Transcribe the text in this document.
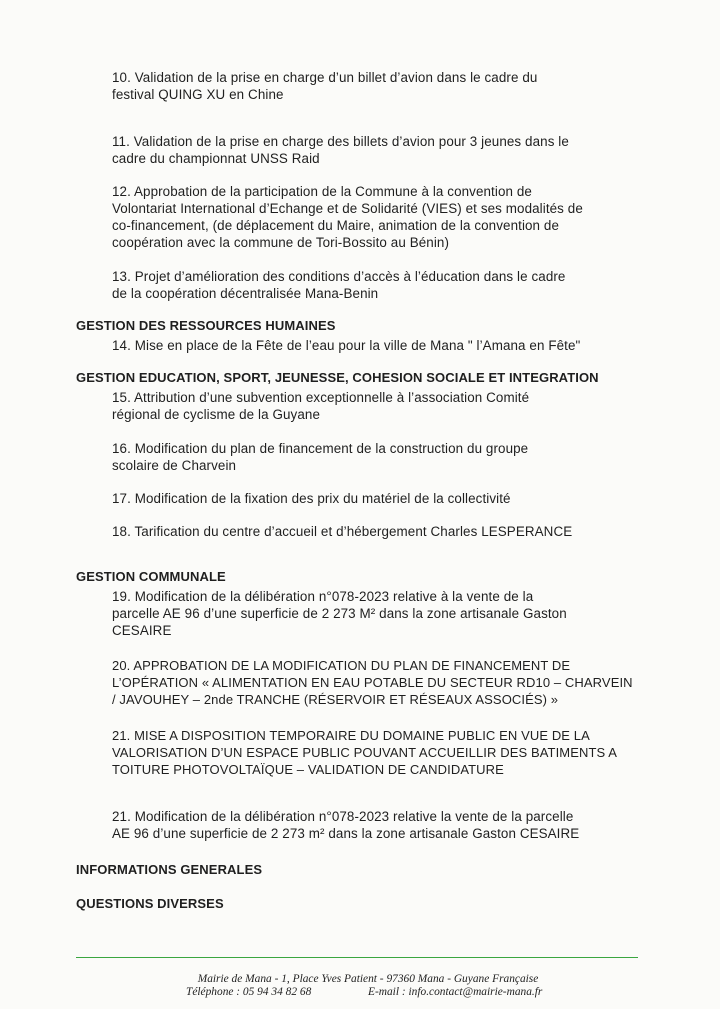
10. Validation de la prise en charge d’un billet d’avion dans le cadre du
festival QUING XU en Chine
11. Validation de la prise en charge des billets d’avion pour 3 jeunes dans le
cadre du championnat UNSS Raid
12. Approbation de la participation de la Commune à la convention de
Volontariat International d’Echange et de Solidarité (VIES) et ses modalités de
co-financement, (de déplacement du Maire, animation de la convention de
coopération avec la commune de Tori-Bossito au Bénin)
13. Projet d’amélioration des conditions d’accès à l’éducation dans le cadre
de la coopération décentralisée Mana-Benin
GESTION DES RESSOURCES HUMAINES
14. Mise en place de la Fête de l’eau pour la ville de Mana " l’Amana en Fête"
GESTION EDUCATION, SPORT, JEUNESSE, COHESION SOCIALE ET INTEGRATION
15. Attribution d’une subvention exceptionnelle à l’association Comité
régional de cyclisme de la Guyane
16. Modification du plan de financement de la construction du groupe
scolaire de Charvein
17. Modification de la fixation des prix du matériel de la collectivité
18. Tarification du centre d’accueil et d’hébergement Charles LESPERANCE
GESTION COMMUNALE
19. Modification de la délibération n°078-2023 relative à la vente de la
parcelle AE 96 d’une superficie de 2 273 M² dans la zone artisanale Gaston
CESAIRE
20. APPROBATION DE LA MODIFICATION DU PLAN DE FINANCEMENT DE
L’OPÉRATION « ALIMENTATION EN EAU POTABLE DU SECTEUR RD10 – CHARVEIN
/ JAVOUHEY – 2nde TRANCHE (RÉSERVOIR ET RÉSEAUX ASSOCIÉS) »
21. MISE A DISPOSITION TEMPORAIRE DU DOMAINE PUBLIC EN VUE DE LA
VALORISATION D’UN ESPACE PUBLIC POUVANT ACCUEILLIR DES BATIMENTS A
TOITURE PHOTOVOLTAÏQUE – VALIDATION DE CANDIDATURE
21. Modification de la délibération n°078-2023 relative la vente de la parcelle
AE 96 d’une superficie de 2 273 m² dans la zone artisanale Gaston CESAIRE
INFORMATIONS GENERALES
QUESTIONS DIVERSES
Mairie de Mana - 1, Place Yves Patient - 97360 Mana - Guyane Française
Téléphone : 05 94 34 82 68	E-mail : info.contact@mairie-mana.fr
